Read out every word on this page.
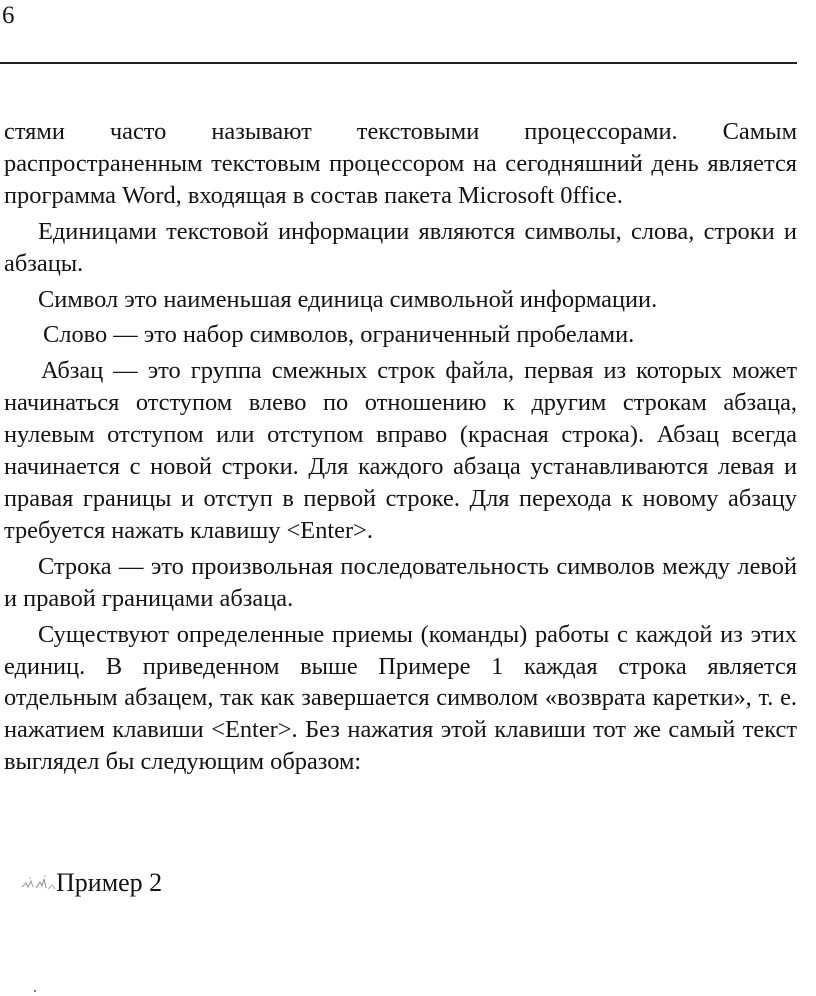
6

стями часто называют текстовыми процессорами. Самым распространенным текстовым процессором на сегодняшний день является программа Word, входящая в состав пакета Microsoft 0ffice.

Единицами текстовой информации являются символы, слова, строки и абзацы.

Символ это наименьшая единица символьной информации.

Слово — это набор символов, ограниченный пробелами.

Абзац — это группа смежных строк файла, первая из которых может начинаться отступом влево по отношению к другим строкам абзаца, нулевым отступом или отступом вправо (красная строка). Абзац всегда начинается с новой строки. Для каждого абзаца устанавливаются левая и правая границы и отступ в первой строке. Для перехода к новому абзацу требуется нажать клавишу <Enter>.

Строка — это произвольная последовательность символов между левой и правой границами абзаца.

Существуют определенные приемы (команды) работы с каждой из этих единиц. В приведенном выше Примере 1 каждая строка является отдельным абзацем, так как завершается символом «возврата каретки», т. е. нажатием клавиши <Enter>. Без нажатия этой клавиши тот же самый текст выглядел бы следующим образом:

Пример 2
